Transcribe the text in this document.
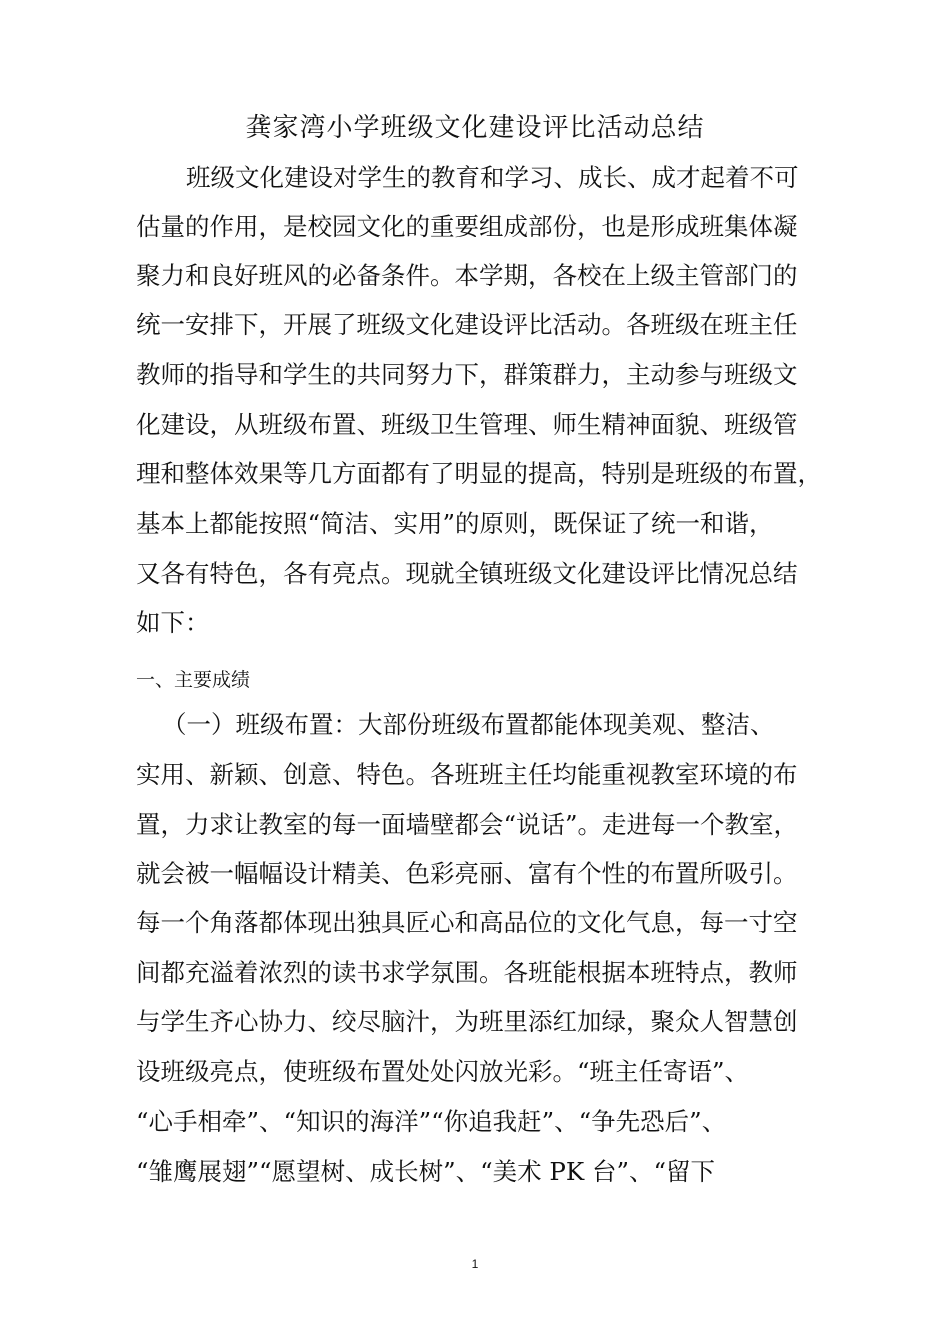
龚家湾小学班级文化建设评比活动总结
班级文化建设对学生的教育和学习、成长、成才起着不可
估量的作用，是校园文化的重要组成部份，也是形成班集体凝
聚力和良好班风的必备条件。本学期，各校在上级主管部门的
统一安排下，开展了班级文化建设评比活动。各班级在班主任
教师的指导和学生的共同努力下，群策群力，主动参与班级文
化建设，从班级布置、班级卫生管理、师生精神面貌、班级管
理和整体效果等几方面都有了明显的提高，特别是班级的布置，
基本上都能按照“简洁、实用”的原则，既保证了统一和谐，
又各有特色，各有亮点。现就全镇班级文化建设评比情况总结
如下：
一、主要成绩
（一）班级布置：大部份班级布置都能体现美观、整洁、
实用、新颖、创意、特色。各班班主任均能重视教室环境的布
置，力求让教室的每一面墙壁都会“说话”。走进每一个教室，
就会被一幅幅设计精美、色彩亮丽、富有个性的布置所吸引。
每一个角落都体现出独具匠心和高品位的文化气息，每一寸空
间都充溢着浓烈的读书求学氛围。各班能根据本班特点，教师
与学生齐心协力、绞尽脑汁，为班里添红加绿，聚众人智慧创
设班级亮点，使班级布置处处闪放光彩。“班主任寄语”、
“心手相牵”、“知识的海洋”“你追我赶”、“争先恐后”、
“雏鹰展翅”“愿望树、成长树”、“美术 PK 台”、“留下
1
